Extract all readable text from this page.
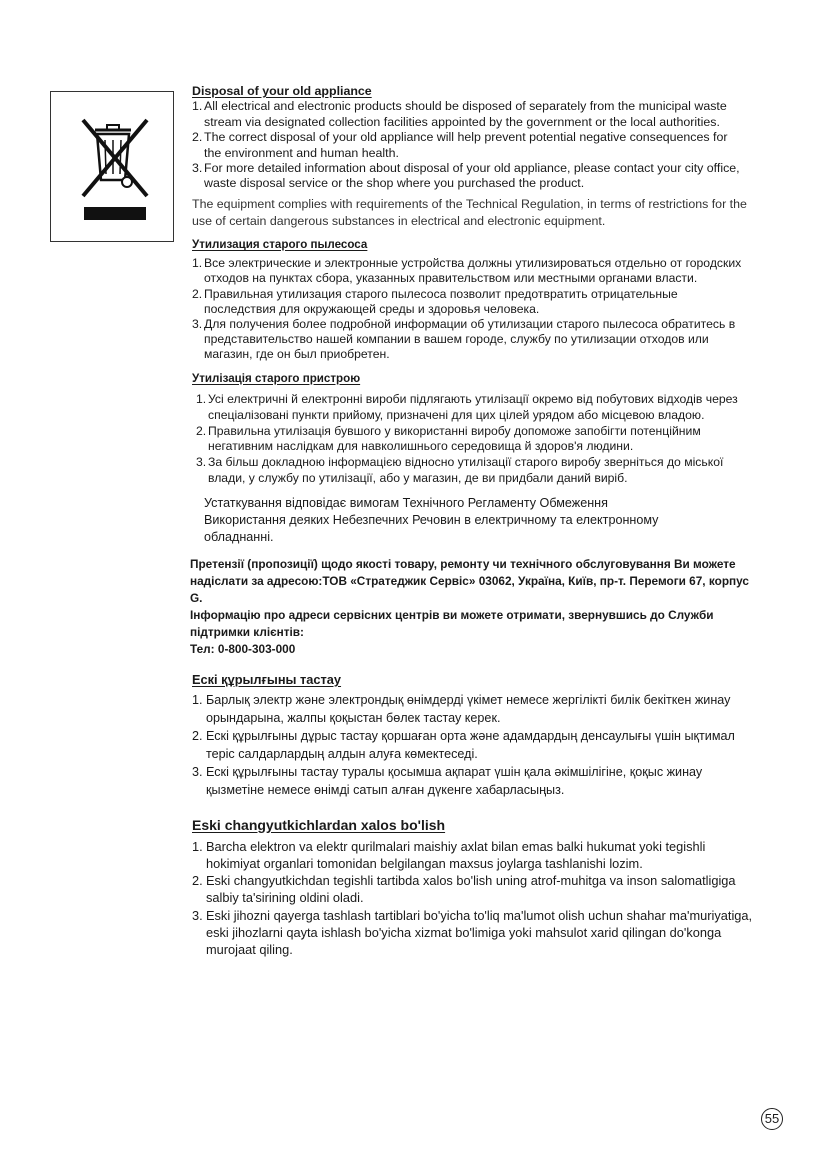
Disposal of your old appliance

1. All electrical and electronic products should be disposed of separately from the municipal waste stream via designated collection facilities appointed by the government or the local authorities.
2. The correct disposal of your old appliance will help prevent potential negative consequences for the environment and human health.
3. For more detailed information about disposal of your old appliance, please contact your city office, waste disposal service or the shop where you purchased the product.

The equipment complies with requirements of the Technical Regulation, in terms of restrictions for the use of certain dangerous substances in electrical and electronic equipment.

Утилизация старого пылесоса

1. Все электрические и электронные устройства должны утилизироваться отдельно от городских отходов на пунктах сбора, указанных правительством или местными органами власти.
2. Правильная утилизация старого пылесоса позволит предотвратить отрицательные последствия для окружающей среды и здоровья человека.
3. Для получения более подробной информации об утилизации старого пылесоса обратитесь в представительство нашей компании в вашем городе, службу по утилизации отходов или магазин, где он был приобретен.

Утилізація старого пристрою

1. Усі електричні й електронні вироби підлягають утилізації окремо від побутових відходів через спеціалізовані пункти прийому, призначені для цих цілей урядом або місцевою владою.
2. Правильна утилізація бувшого у використанні виробу допоможе запобігти потенційним негативним наслідкам для навколишнього середовища й здоров'я людини.
3. За більш докладною інформацією відносно утилізації старого виробу зверніться до міської влади, у службу по утилізації, або у магазин, де ви придбали даний виріб.

Устаткування відповідає вимогам Технічного Регламенту Обмеження Використання деяких Небезпечних Речовин в електричному та електронному обладнанні.

Претензії (пропозиції) щодо якості товару, ремонту чи технічного обслуговування Ви можете надіслати за адресою:ТОВ «Стратеджик Сервіс» 03062, Україна, Київ, пр-т. Перемоги 67, корпус G.

Інформацію про адреси сервісних центрів ви можете отримати, звернувшись до Служби підтримки клієнтів:

Тел: 0-800-303-000

Ескі құрылғыны тастау

1. Барлық электр және электрондық өнімдерді үкімет немесе жергілікті билік бекіткен жинау орындарына, жалпы қоқыстан бөлек тастау керек.
2. Ескі құрылғыны дұрыс тастау қоршаған орта және адамдардың денсаулығы үшін ықтимал теріс салдарлардың алдын алуға көмектеседі.
3. Ескі құрылғыны тастау туралы қосымша ақпарат үшін қала әкімшілігіне, қоқыс жинау қызметіне немесе өнімді сатып алған дүкенге хабарласыңыз.

Eski changyutkichlardan xalos bo'lish

1. Barcha elektron va elektr qurilmalari maishiy axlat bilan emas balki hukumat yoki tegishli hokimiyat organlari tomonidan belgilangan maxsus joylarga tashlanishi lozim.
2. Eski changyutkichdan tegishli tartibda xalos bo'lish uning atrof-muhitga va inson salomatligiga salbiy ta'sirining oldini oladi.
3. Eski jihozni qayerga tashlash tartiblari bo'yicha to'liq ma'lumot olish uchun shahar ma'muriyatiga, eski jihozlarni qayta ishlash bo'yicha xizmat bo'limiga yoki mahsulot xarid qilingan do'konga murojaat qiling.
55
